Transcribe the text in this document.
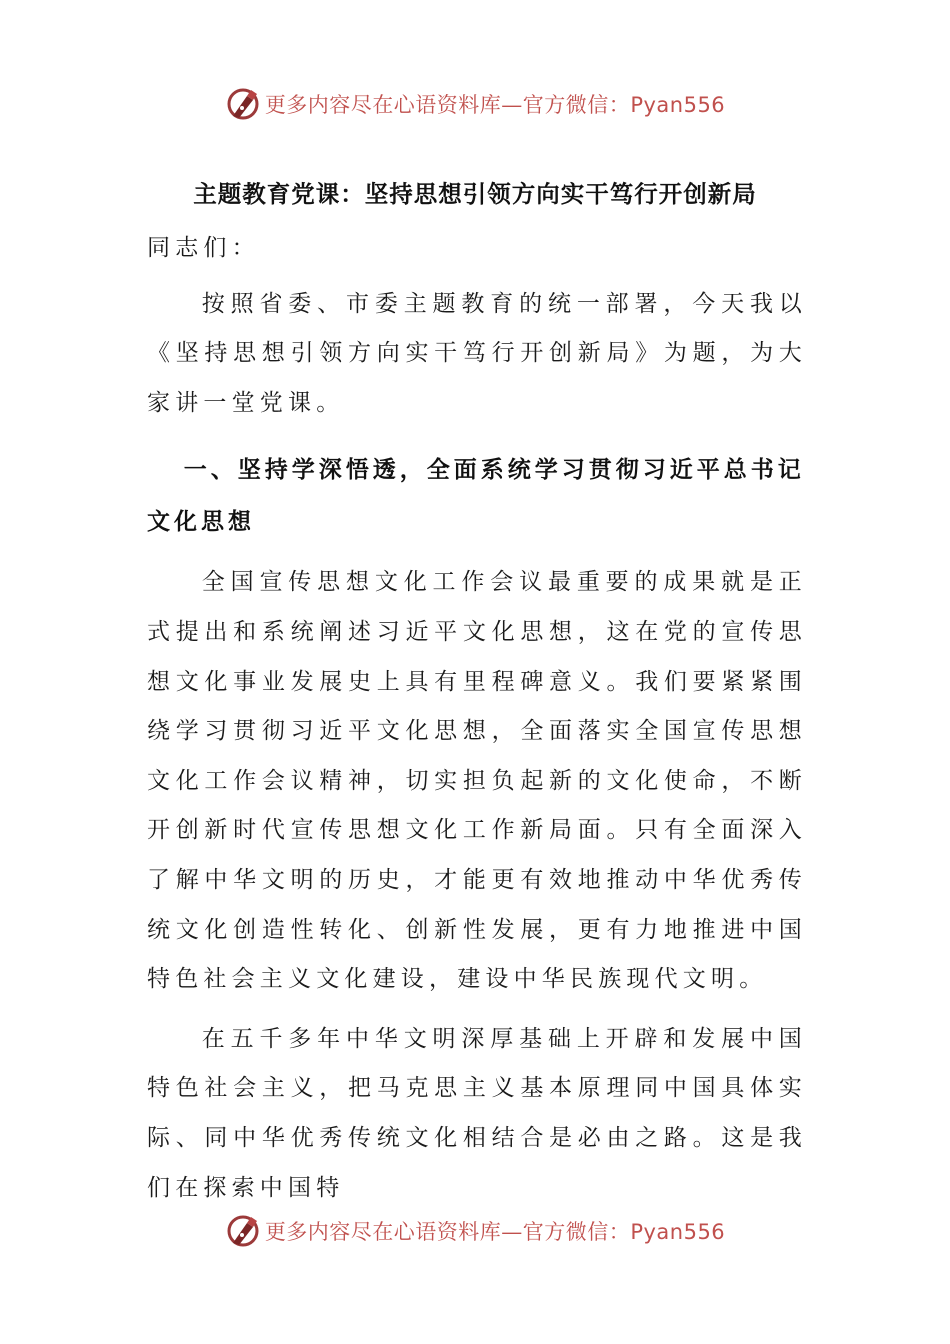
更多内容尽在心语资料库—官方微信：Pyan556
主题教育党课：坚持思想引领方向实干笃行开创新局

同志们：

按照省委、市委主题教育的统一部署，今天我以《坚持思想引领方向实干笃行开创新局》为题，为大家讲一堂党课。

一、坚持学深悟透，全面系统学习贯彻习近平总书记文化思想

全国宣传思想文化工作会议最重要的成果就是正式提出和系统阐述习近平文化思想，这在党的宣传思想文化事业发展史上具有里程碑意义。我们要紧紧围绕学习贯彻习近平文化思想，全面落实全国宣传思想文化工作会议精神，切实担负起新的文化使命，不断开创新时代宣传思想文化工作新局面。只有全面深入了解中华文明的历史，才能更有效地推动中华优秀传统文化创造性转化、创新性发展，更有力地推进中国特色社会主义文化建设，建设中华民族现代文明。

在五千多年中华文明深厚基础上开辟和发展中国特色社会主义，把马克思主义基本原理同中国具体实际、同中华优秀传统文化相结合是必由之路。这是我们在探索中国特

更多内容尽在心语资料库—官方微信：Pyan556
